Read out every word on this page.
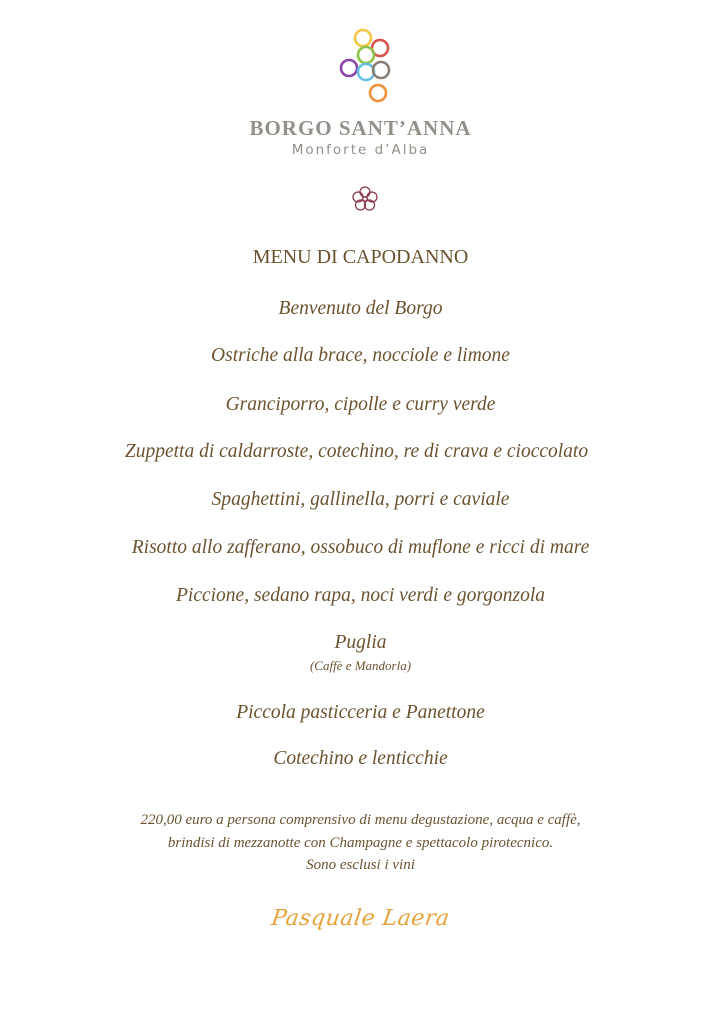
BORGO SANT’ANNA
Monforte d’Alba
MENU DI CAPODANNO
Benvenuto del Borgo
Ostriche alla brace, nocciole e limone
Granciporro, cipolle e curry verde
Zuppetta di caldarroste, cotechino, re di crava e cioccolato
Spaghettini, gallinella, porri e caviale
Risotto allo zafferano, ossobuco di muflone e ricci di mare
Piccione, sedano rapa, noci verdi e gorgonzola
Puglia
(Caffè e Mandorla)
Piccola pasticceria e Panettone
Cotechino e lenticchie
220,00 euro a persona comprensivo di menu degustazione, acqua e caffè,
brindisi di mezzanotte con Champagne e spettacolo pirotecnico.
Sono esclusi i vini
Pasquale Laera
